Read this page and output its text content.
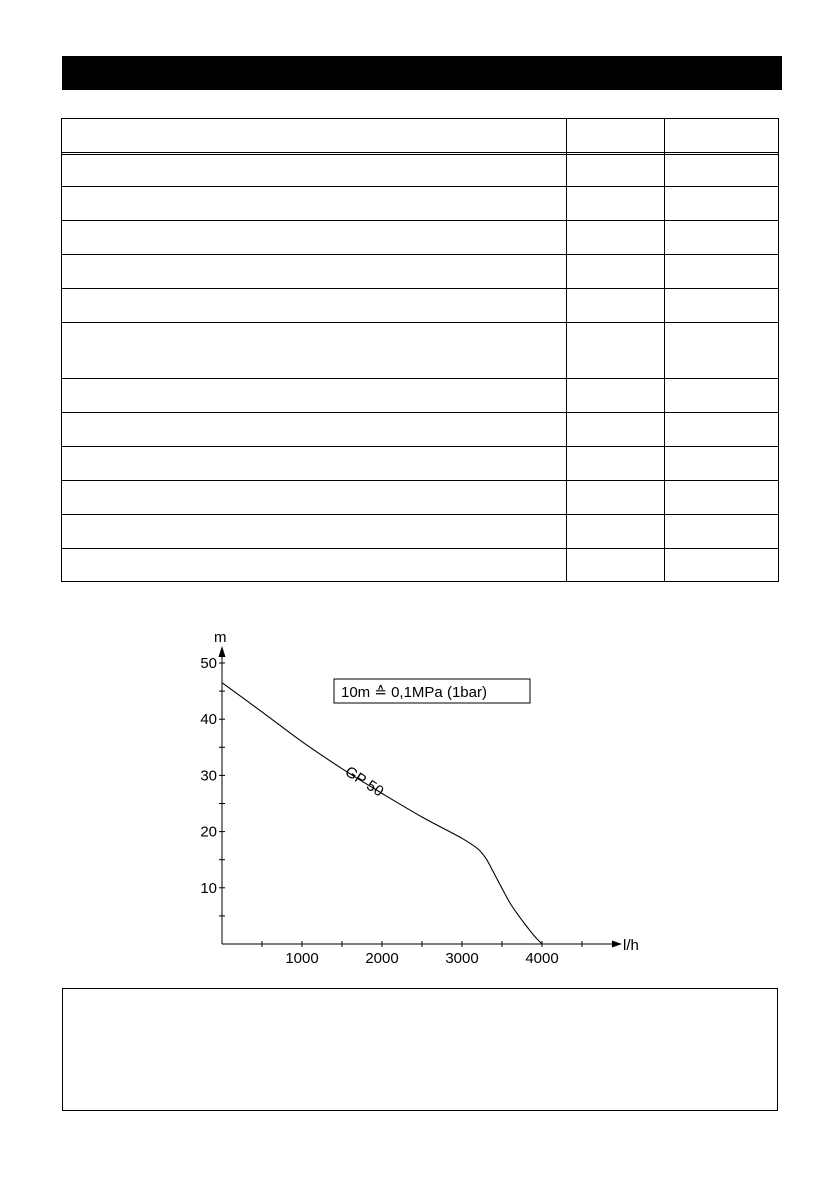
1000	2000	3000	4000
10
20
30
40
50
m
l/h
10m ≙ 0,1MPa (1bar)
GP 50
